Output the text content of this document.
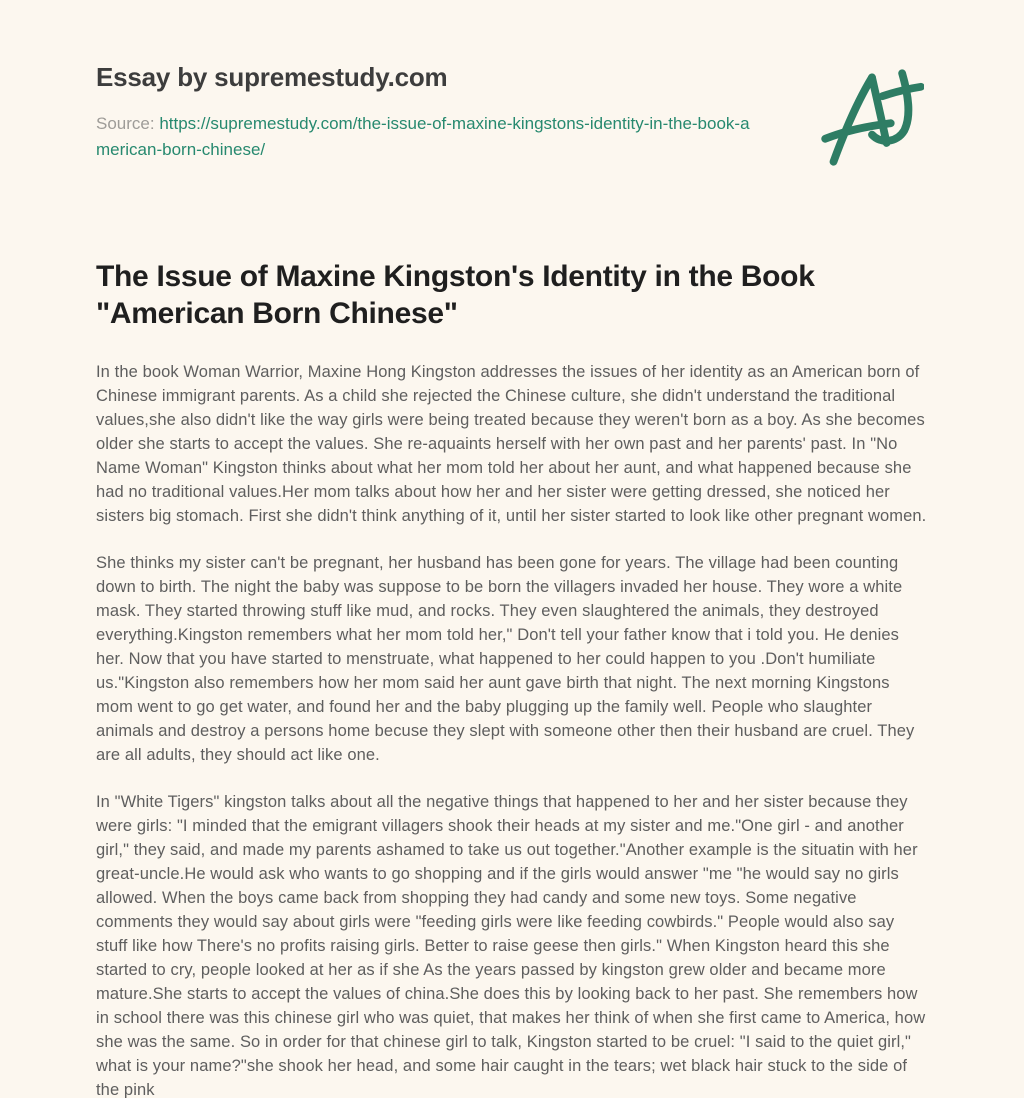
Essay by supremestudy.com

Source: https://supremestudy.com/the-issue-of-maxine-kingstons-identity-in-the-book-american-born-chinese/

The Issue of Maxine Kingston's Identity in the Book "American Born Chinese"

In the book Woman Warrior, Maxine Hong Kingston addresses the issues of her identity as an American born of Chinese immigrant parents. As a child she rejected the Chinese culture, she didn't understand the traditional values,she also didn't like the way girls were being treated because they weren't born as a boy. As she becomes older she starts to accept the values. She re-aquaints herself with her own past and her parents' past. In "No Name Woman" Kingston thinks about what her mom told her about her aunt, and what happened because she had no traditional values.Her mom talks about how her and her sister were getting dressed, she noticed her sisters big stomach. First she didn't think anything of it, until her sister started to look like other pregnant women.

She thinks my sister can't be pregnant, her husband has been gone for years. The village had been counting down to birth. The night the baby was suppose to be born the villagers invaded her house. They wore a white mask. They started throwing stuff like mud, and rocks. They even slaughtered the animals, they destroyed everything.Kingston remembers what her mom told her," Don't tell your father know that i told you. He denies her. Now that you have started to menstruate, what happened to her could happen to you .Don't humiliate us."Kingston also remembers how her mom said her aunt gave birth that night. The next morning Kingstons mom went to go get water, and found her and the baby plugging up the family well. People who slaughter animals and destroy a persons home becuse they slept with someone other then their husband are cruel. They are all adults, they should act like one.

In "White Tigers" kingston talks about all the negative things that happened to her and her sister because they were girls: "I minded that the emigrant villagers shook their heads at my sister and me."One girl - and another girl," they said, and made my parents ashamed to take us out together."Another example is the situatin with her great-uncle.He would ask who wants to go shopping and if the girls would answer "me "he would say no girls allowed. When the boys came back from shopping they had candy and some new toys. Some negative comments they would say about girls were "feeding girls were like feeding cowbirds." People would also say stuff like how There's no profits raising girls. Better to raise geese then girls." When Kingston heard this she started to cry, people looked at her as if she As the years passed by kingston grew older and became more mature.She starts to accept the values of china.She does this by looking back to her past. She remembers how in school there was this chinese girl who was quiet, that makes her think of when she first came to America, how she was the same. So in order for that chinese girl to talk, Kingston started to be cruel: "I said to the quiet girl," what is your name?"she shook her head, and some hair caught in the tears; wet black hair stuck to the side of the pink
